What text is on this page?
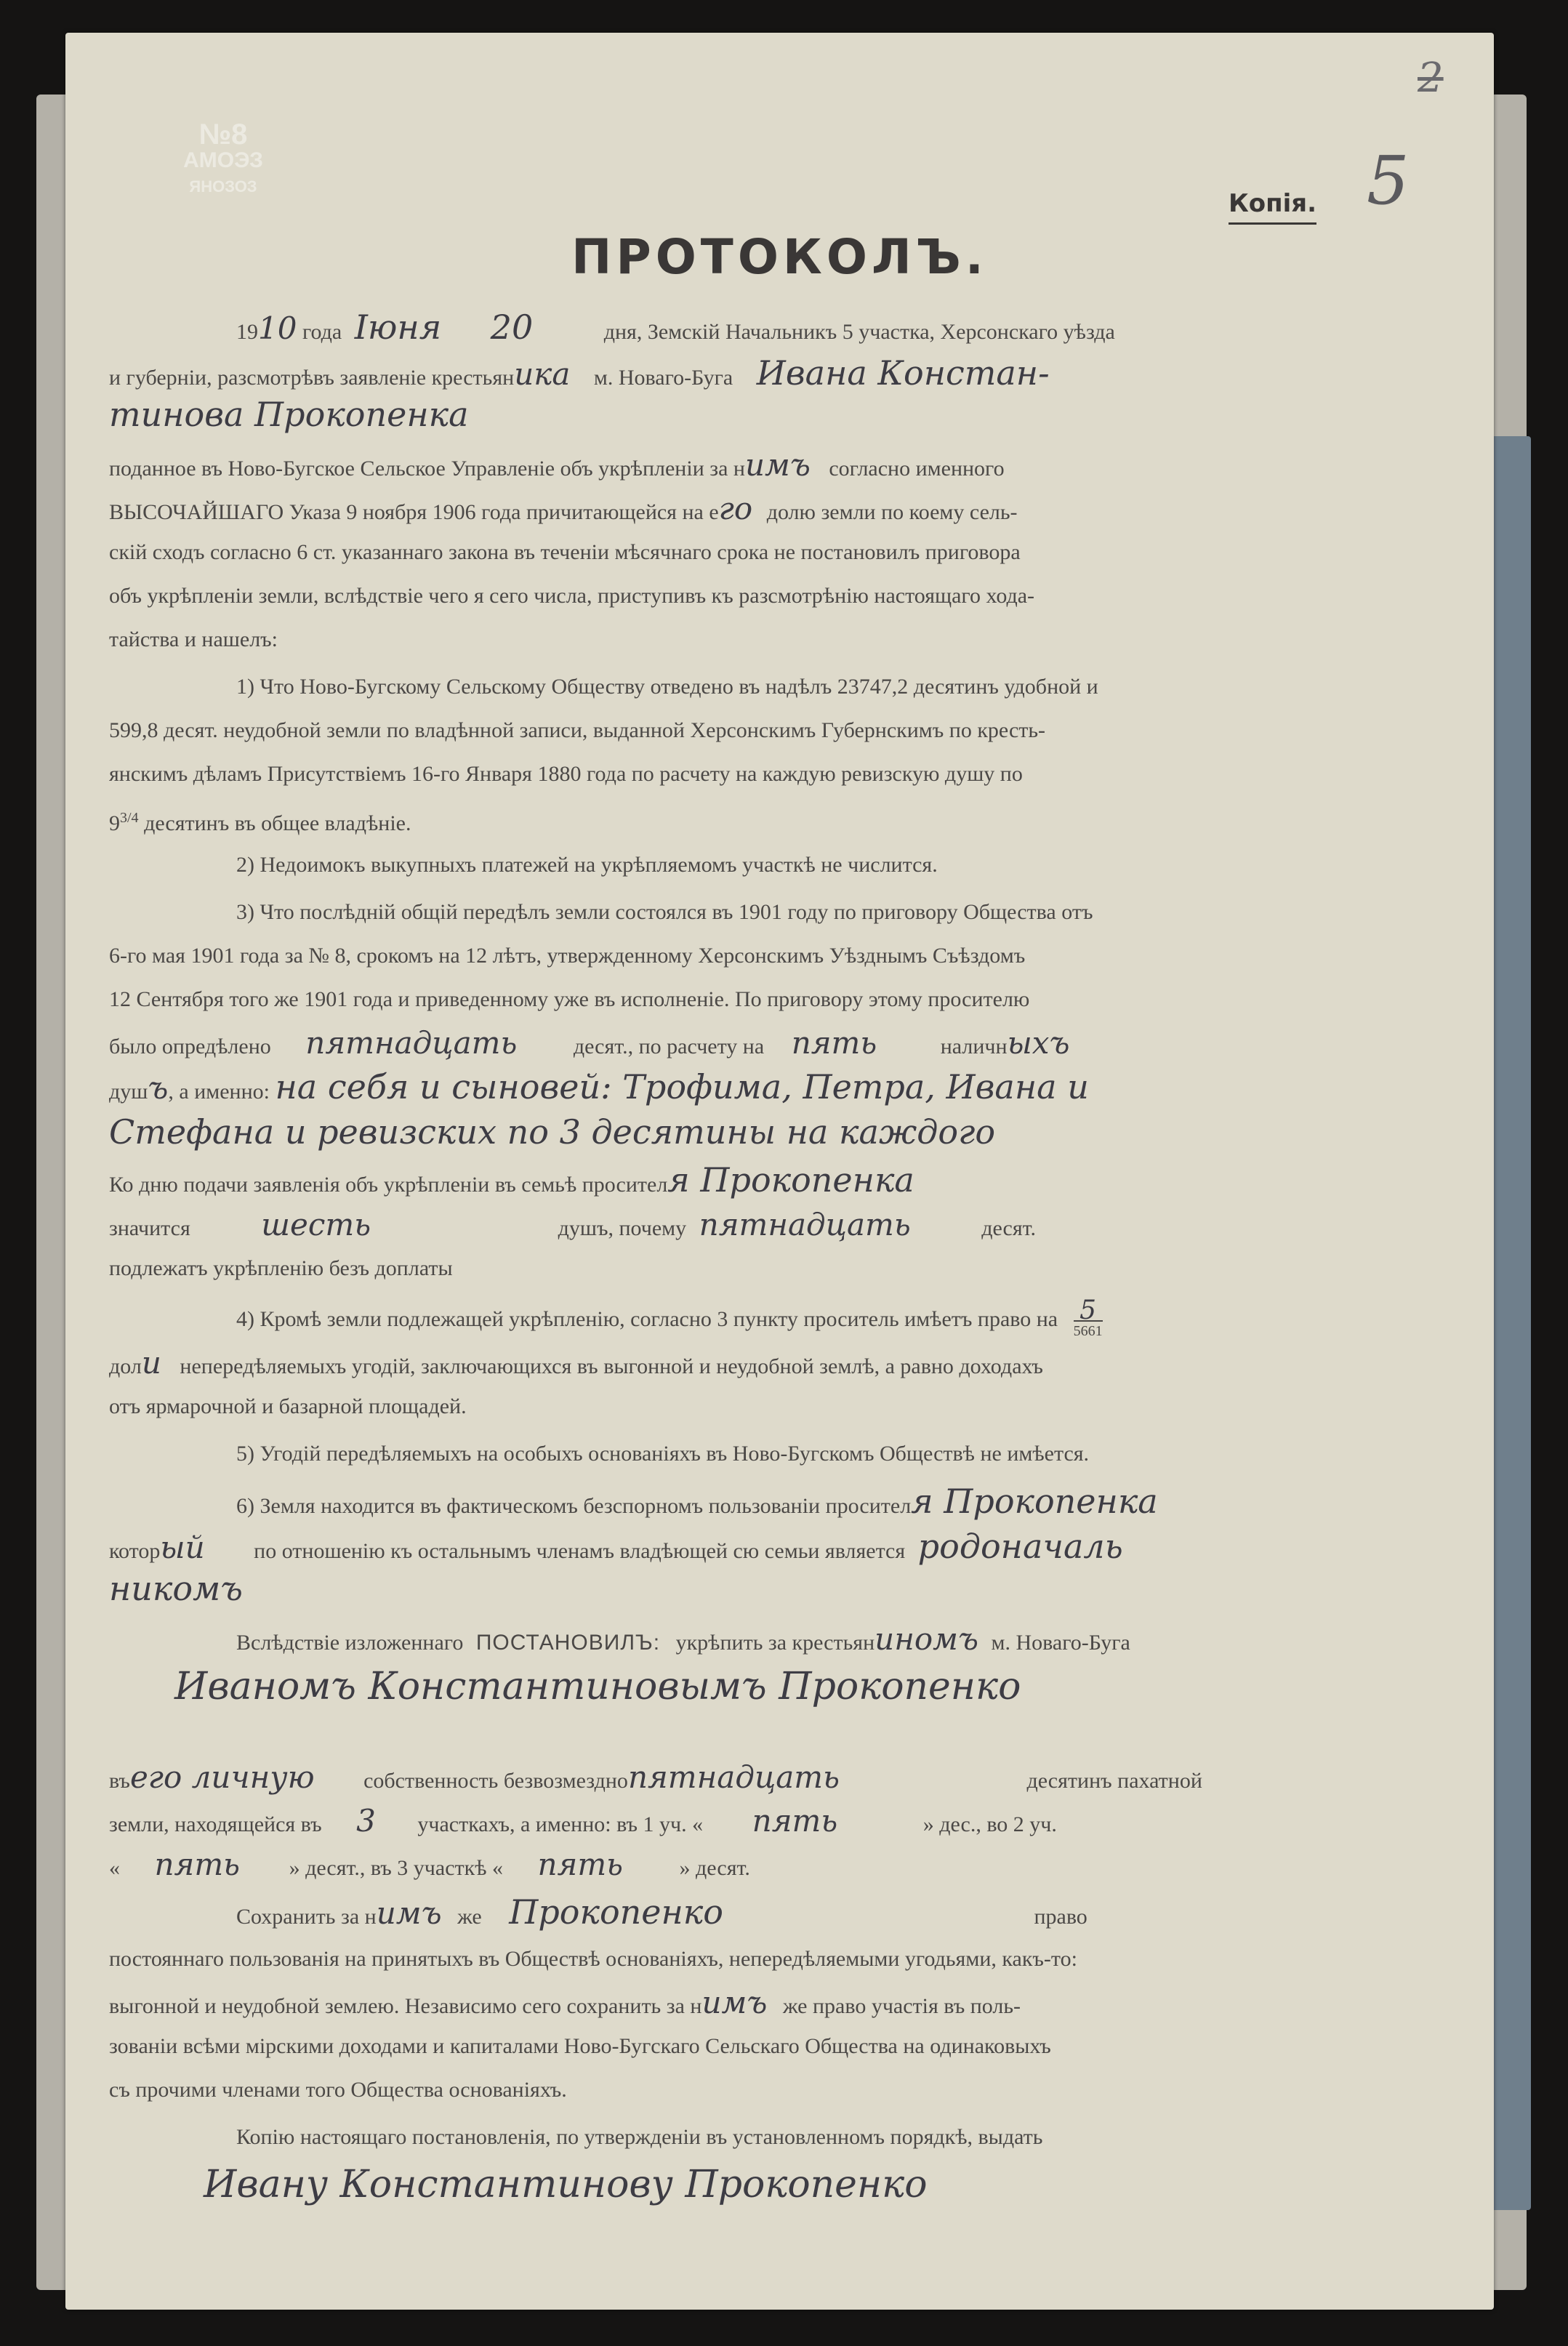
№8
АМОЭЗ
ЯНОЗОЗ
2
5
Копія.
ПРОТОКОЛЪ.
1910 года Іюня 20	дня, Земскій Начальникъ 5 участка, Херсонскаго уѣзда
и губерніи, разсмотрѣвъ заявленіе крестьяника м. Новаго-Буга Ивана Констан-
тинова Прокопенка
поданное въ Ново-Бугское Сельское Управленіе объ укрѣпленіи за нимъ согласно именного
ВЫСОЧАЙШАГО Указа 9 ноября 1906 года причитающейся на его долю земли по коему сель-
скій сходъ согласно 6 ст. указаннаго закона въ теченіи мѣсячнаго срока не постановилъ приговора
объ укрѣпленіи земли, вслѣдствіе чего я сего числа, приступивъ къ разсмотрѣнію настоящаго хода-
тайства и нашелъ:
1) Что Ново-Бугскому Сельскому Обществу отведено въ надѣлъ 23747,2 десятинъ удобной и
599,8 десят. неудобной земли по владѣнной записи, выданной Херсонскимъ Губернскимъ по кресть-
янскимъ дѣламъ Присутствіемъ 16-го Января 1880 года по расчету на каждую ревизскую душу по
$9^{3/4}$ десятинъ въ общее владѣніе.
2) Недоимокъ выкупныхъ платежей на укрѣпляемомъ участкѣ не числится.
3) Что послѣдній общій передѣлъ земли состоялся въ 1901 году по приговору Общества отъ
6-го мая 1901 года за № 8, срокомъ на 12 лѣтъ, утвержденному Херсонскимъ Уѣзднымъ Съѣздомъ
12 Сентября того же 1901 года и приведенному уже въ исполненіе. По приговору этому просителю
было опредѣлено пятнадцать	десят., по расчету на пять	наличныхъ
душъ, а именно: на себя и сыновей: Трофима, Петра, Ивана и
Стефана и ревизских по 3 десятины на каждого
Ко дню подачи заявленія объ укрѣпленіи въ семьѣ просителя Прокопенка
значится шесть	душъ, почему пятнадцать	десят.
подлежатъ укрѣпленію безъ доплаты
4) Кромѣ земли подлежащей укрѣпленію, согласно 3 пункту проситель имѣетъ право на 5
5661
доли непередѣляемыхъ угодій, заключающихся въ выгонной и неудобной землѣ, а равно доходахъ
отъ ярмарочной и базарной площадей.
5) Угодій передѣляемыхъ на особыхъ основаніяхъ въ Ново-Бугскомъ Обществѣ не имѣется.
6) Земля находится въ фактическомъ безспорномъ пользованіи просителя Прокопенка
который по отношенію къ остальнымъ членамъ владѣющей сю семьи является родоначаль
никомъ
Вслѣдствіе изложеннаго ПОСТАНОВИЛЪ: укрѣпить за крестьяниномъ м. Новаго-Буга
Иваномъ Константиновымъ Прокопенко
въего личную собственность безвозмезднопятнадцать	десятинъ пахатной
земли, находящейся въ 3 участкахъ, а именно: въ 1 уч. « пять	» дес., во 2 уч.
« пять » десят., въ 3 участкѣ « пять	» десят.
Сохранить за нимъ же Прокопенко	право
постояннаго пользованія на принятыхъ въ Обществѣ основаніяхъ, непередѣляемыми угодьями, какъ-то:
выгонной и неудобной землею. Независимо сего сохранить за нимъ же право участія въ поль-
зованіи всѣми мірскими доходами и капиталами Ново-Бугскаго Сельскаго Общества на одинаковыхъ
съ прочими членами того Общества основаніяхъ.
Копію настоящаго постановленія, по утвержденіи въ установленномъ порядкѣ, выдать
Ивану Константинову Прокопенко
